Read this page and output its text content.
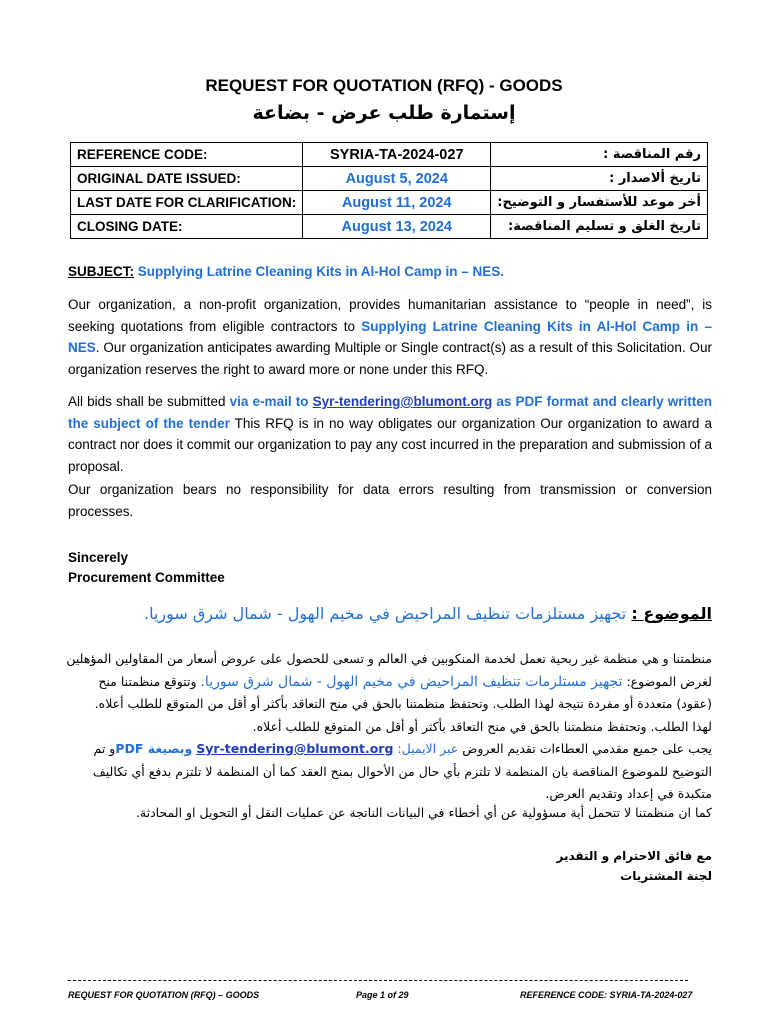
REQUEST FOR QUOTATION (RFQ) - GOODS
إستمارة طلب عرض - بضاعة
REFERENCE CODE:	SYRIA-TA-2024-027	رقم المناقصة :
ORIGINAL DATE ISSUED:	August 5, 2024	تاريخ ألاصدار :
LAST DATE FOR CLARIFICATION:	August 11, 2024	أخر موعد للأستفسار و التوضيح:
CLOSING DATE:	August 13, 2024	تاريخ الغلق و تسليم المناقصة:
SUBJECT: Supplying Latrine Cleaning Kits in Al-Hol Camp in – NES.
Our organization, a non-profit organization, provides humanitarian assistance to “people in need”, is seeking quotations from eligible contractors to Supplying Latrine Cleaning Kits in Al-Hol Camp in – NES. Our organization anticipates awarding Multiple or Single contract(s) as a result of this Solicitation. Our organization reserves the right to award more or none under this RFQ.
All bids shall be submitted via e-mail to Syr-tendering@blumont.org as PDF format and clearly written the subject of the tender This RFQ is in no way obligates our organization Our organization to award a contract nor does it commit our organization to pay any cost incurred in the preparation and submission of a proposal.
Our organization bears no responsibility for data errors resulting from transmission or conversion processes.
Sincerely
Procurement Committee
الموضوع : تجهيز مستلزمات تنظيف المراحيض في مخيم الهول - شمال شرق سوريا.
منظمتنا و هي منظمة غير ربحية تعمل لخدمة المنكوبين في العالم و تسعى للحصول على عروض أسعار من المقاولين المؤهلين لغرض الموضوع: تجهيز مستلزمات تنظيف المراحيض في مخيم الهول - شمال شرق سوريا. وتتوقع منظمتنا منح (عقود) متعددة أو مفردة نتيجة لهذا الطلب. وتحتفظ منظمتنا بالحق في منح التعاقد بأكثر أو أقل من المتوقع للطلب أعلاه.
لهذا الطلب. وتحتفظ منظمتنا بالحق في منح التعاقد بأكثر أو أقل من المتوقع للطلب أعلاه.
يجب على جميع مقدمي العطاءات تقديم العروض عبر الايميل: Syr-tendering@blumont.org وبصيغة PDFو تم التوضيح للموضوع المناقصة بان المنظمة لا تلتزم بأي حال من الأحوال بمنح العقد كما أن المنظمة لا تلتزم بدفع أي تكاليف متكبدة في إعداد وتقديم العرض.
كما ان منظمتنا لا تتحمل أية مسؤولية عن أي أخطاء في البيانات الناتجة عن عمليات النقل أو التحويل او المحادثة.
مع فائق الاحترام و التقدير
لجنة المشتريات
REQUEST FOR QUOTATION (RFQ) – GOODS	Page 1 of 29	REFERENCE CODE: SYRIA-TA-2024-027
